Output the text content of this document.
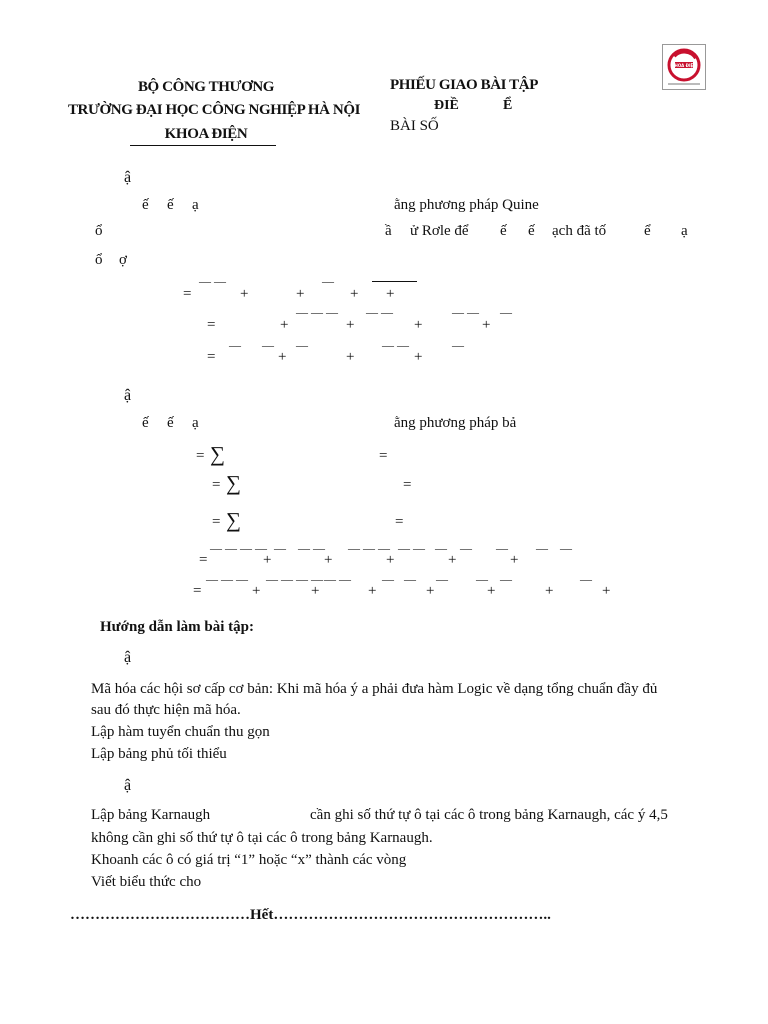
BỘ CÔNG THƯƠNG
TRƯỜNG ĐẠI HỌC CÔNG NGHIỆP HÀ NỘI
KHOA ĐIỆN
PHIẾU GIAO BÀI TẬP
ĐIỀ	Ể
BÀI SỐ
KHOA ĐIỆN
ậ
ế ế ạ	ằng phương pháp Quine
ổ	ầ ử Rơle để ế ế ạch đã tố	ể ạ
ổ ợ
— —	—
=	+	+	+ +
— — — — —	— — —
=	+	+	+	+
— — —	— —	—
=	+	+	+
ậ
ế ế ạ	ằng phương pháp bả
= ∑	=
= ∑	=
= ∑	=
— — — — — — — — — — — — — — — — —
=	+	+	+	+	+
— — — — — — — — —	— — — — —	—
=	+	+	+	+	+	+	+
Hướng dẫn làm bài tập:
ậ
Mã hóa các hội sơ cấp cơ bản: Khi mã hóa ý a phải đưa hàm Logic về dạng tổng chuẩn đầy đủ
sau đó thực hiện mã hóa.
Lập hàm tuyển chuẩn thu gọn
Lập bảng phủ tối thiểu
ậ
Lập bảng Karnaugh	cần ghi số thứ tự ô tại các ô trong bảng Karnaugh, các ý 4,5
không cần ghi số thứ tự ô tại các ô trong bảng Karnaugh.
Khoanh các ô có giá trị “1” hoặc “x” thành các vòng
Viết biểu thức cho
………………………………Hết………………………………………………..
